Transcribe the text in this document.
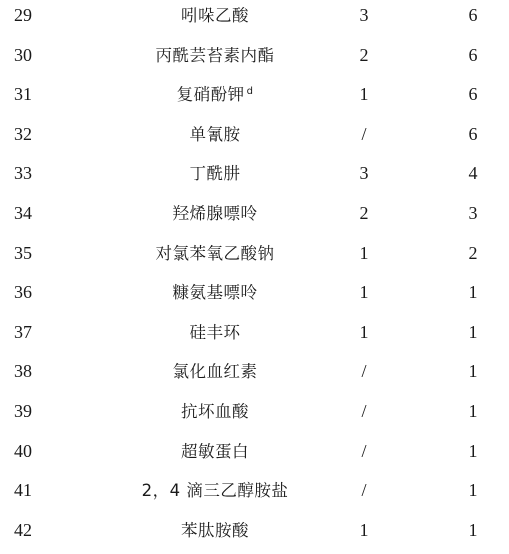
29	吲哚乙酸	3	6
30	丙酰芸苔素内酯	2	6
31	复硝酚钾 $^d$	1	6
32	单氰胺	/	6
33	丁酰肼	3	4
34	羟烯腺嘌呤	2	3
35	对氯苯氧乙酸钠	1	2
36	糠氨基嘌呤	1	1
37	硅丰环	1	1
38	氯化血红素	/	1
39	抗坏血酸	/	1
40	超敏蛋白	/	1
41	2，4 滴三乙醇胺盐	/	1
42	苯肽胺酸	1	1
